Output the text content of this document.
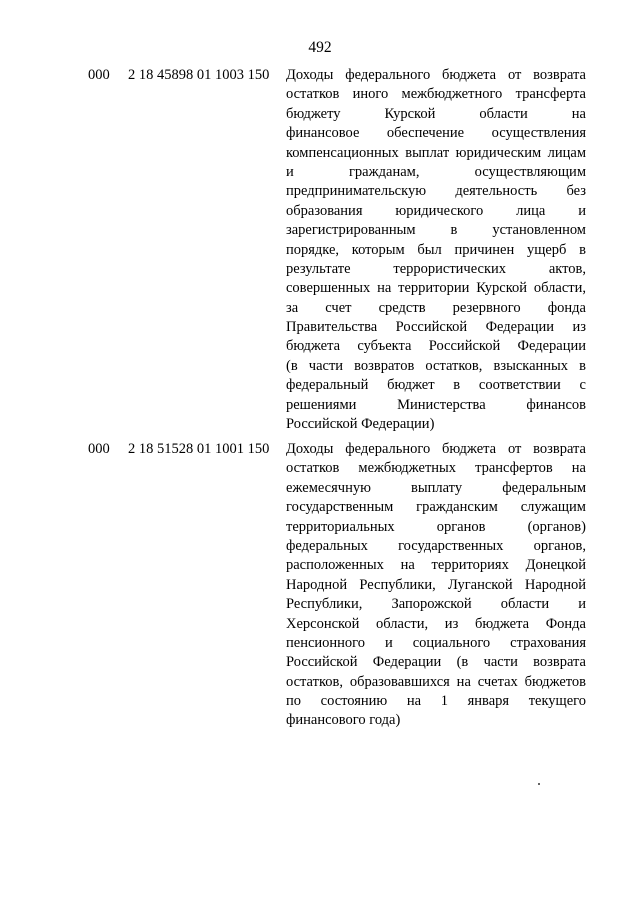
492
000 2 18 45898 01 1003 150 Доходы федерального бюджета от возврата
остатков иного межбюджетного трансферта
бюджету Курской области на
финансовое обеспечение осуществления
компенсационных выплат юридическим лицам
и гражданам, осуществляющим
предпринимательскую деятельность без
образования юридического лица и
зарегистрированным в установленном
порядке, которым был причинен ущерб в
результате террористических актов,
совершенных на территории Курской области,
за счет средств резервного фонда
Правительства Российской Федерации из
бюджета субъекта Российской Федерации
(в части возвратов остатков, взысканных в
федеральный бюджет в соответствии с
решениями Министерства финансов
Российской Федерации)
000 2 18 51528 01 1001 150 Доходы федерального бюджета от возврата
остатков межбюджетных трансфертов на
ежемесячную выплату федеральным
государственным гражданским служащим
территориальных органов (органов)
федеральных государственных органов,
расположенных на территориях Донецкой
Народной Республики, Луганской Народной
Республики, Запорожской области и
Херсонской области, из бюджета Фонда
пенсионного и социального страхования
Российской Федерации (в части возврата
остатков, образовавшихся на счетах бюджетов
по состоянию на 1 января текущего
финансового года)
